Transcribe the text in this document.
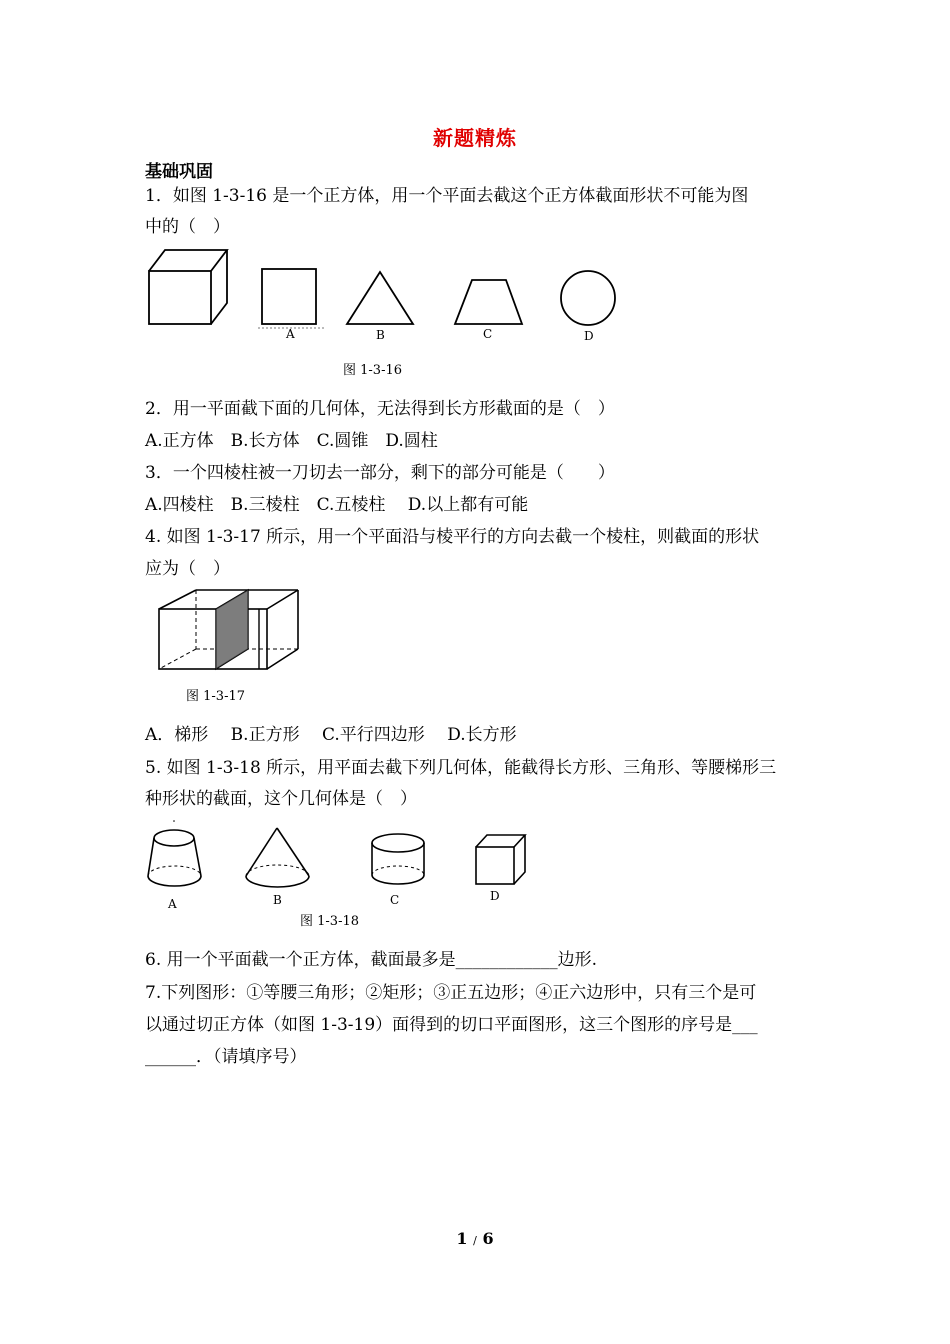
新题精炼
基础巩固
1．如图 1-3-16 是一个正方体，用一个平面去截这个正方体截面形状不可能为图
中的（　）
A	B	C	D
图 1-3-16
2．用一平面截下面的几何体，无法得到长方形截面的是（　）
A.正方体　B.长方体　C.圆锥　D.圆柱
3．一个四棱柱被一刀切去一部分，剩下的部分可能是（　　）
A.四棱柱　B.三棱柱　C.五棱柱　 D.以上都有可能
4. 如图 1-3-17 所示，用一个平面沿与棱平行的方向去截一个棱柱，则截面的形状
应为（　）
图 1-3-17
A．梯形　 B.正方形　 C.平行四边形　 D.长方形
5. 如图 1-3-18 所示，用平面去截下列几何体，能截得长方形、三角形、等腰梯形三
种形状的截面，这个几何体是（　）
A	B	C	D
图 1-3-18
6. 用一个平面截一个正方体，截面最多是____________边形.
7.下列图形：①等腰三角形；②矩形；③正五边形；④正六边形中，只有三个是可
以通过切正方体（如图 1-3-19）面得到的切口平面图形，这三个图形的序号是___
______．（请填序号）
1 / 6
